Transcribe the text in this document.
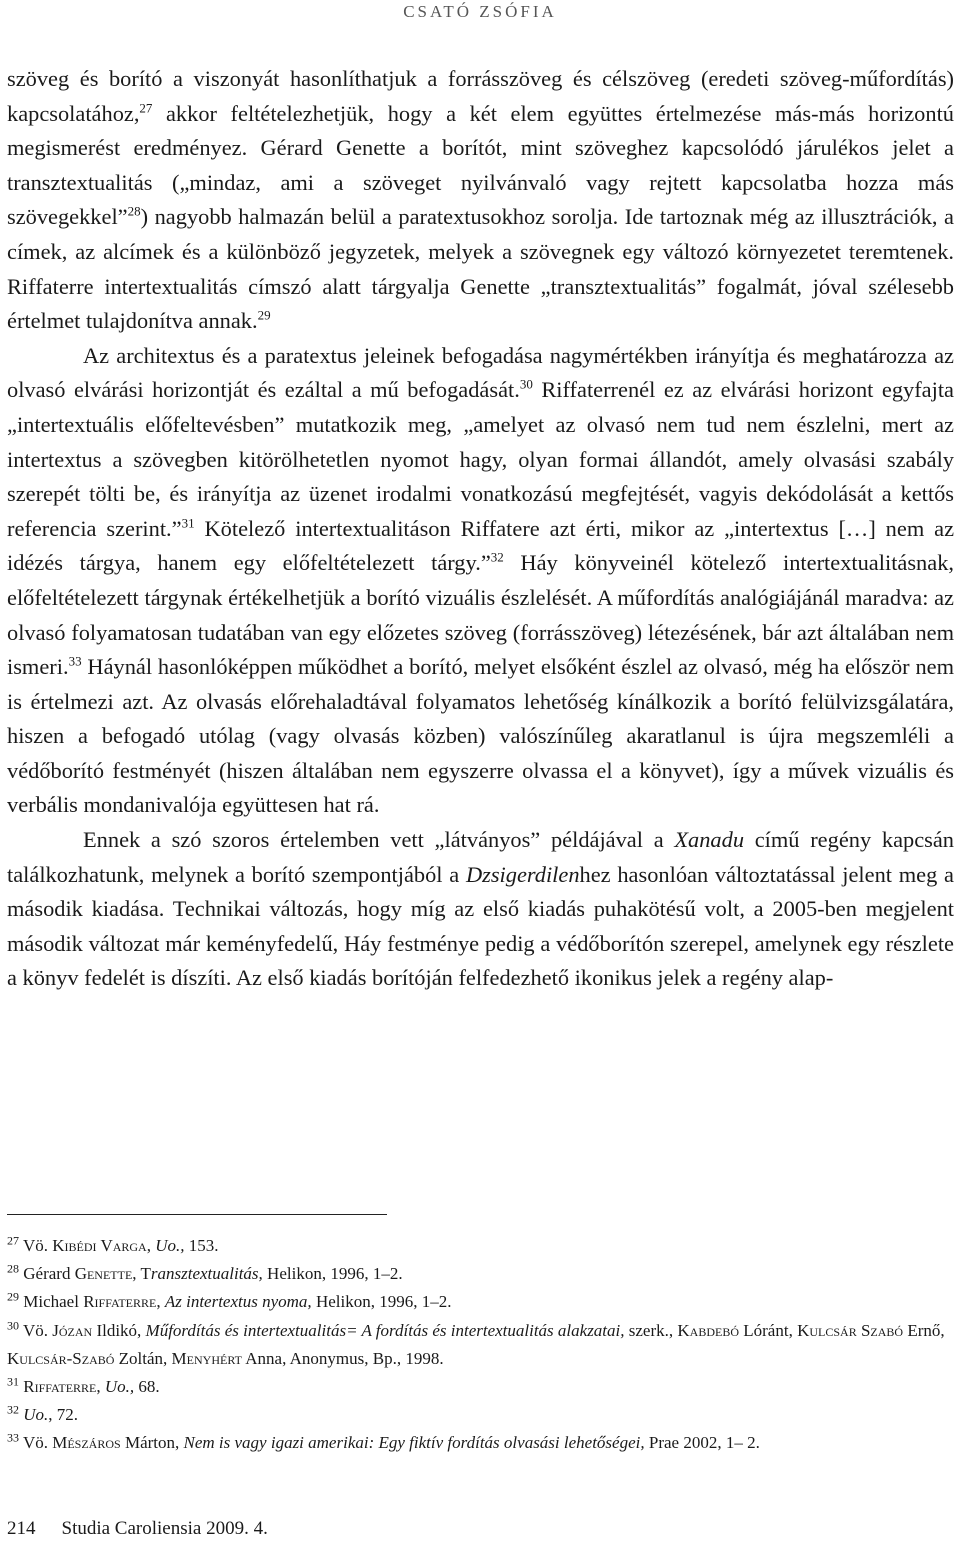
CSATÓ ZSÓFIA

szöveg és borító a viszonyát hasonlíthatjuk a forrásszöveg és célszöveg (eredeti szöveg-műfordítás) kapcsolatához,$^{27}$ akkor feltételezhetjük, hogy a két elem együttes értelmezése más-más horizontú megismerést eredményez. Gérard Genette a borítót, mint szöveghez kapcsolódó járulékos jelet a transztextualitás („mindaz, ami a szöveget nyilvánvaló vagy rejtett kapcsolatba hozza más szövegekkel”$^{28}$) nagyobb halmazán belül a paratextusokhoz sorolja. Ide tartoznak még az illusztrációk, a címek, az alcímek és a különböző jegyzetek, melyek a szövegnek egy változó környezetet teremtenek. Riffaterre intertextualitás címszó alatt tárgyalja Genette „transztextualitás” fogalmát, jóval szélesebb értelmet tulajdonítva annak.$^{29}$

Az architextus és a paratextus jeleinek befogadása nagymértékben irányítja és meghatározza az olvasó elvárási horizontját és ezáltal a mű befogadását.$^{30}$ Riffaterrenél ez az elvárási horizont egyfajta „intertextuális előfeltevésben” mutatkozik meg, „amelyet az olvasó nem tud nem észlelni, mert az intertextus a szövegben kitörölhetetlen nyomot hagy, olyan formai állandót, amely olvasási szabály szerepét tölti be, és irányítja az üzenet irodalmi vonatkozású megfejtését, vagyis dekódolását a kettős referencia szerint.”$^{31}$ Kötelező intertextualitáson Riffatere azt érti, mikor az „intertextus […] nem az idézés tárgya, hanem egy előfeltételezett tárgy.”$^{32}$ Háy könyveinél kötelező intertextualitásnak, előfeltételezett tárgynak értékelhetjük a borító vizuális észlelését. A műfordítás analógiájánál maradva: az olvasó folyamatosan tudatában van egy előzetes szöveg (forrásszöveg) létezésének, bár azt általában nem ismeri.$^{33}$ Háynál hasonlóképpen működhet a borító, melyet elsőként észlel az olvasó, még ha először nem is értelmezi azt. Az olvasás előrehaladtával folyamatos lehetőség kínálkozik a borító felülvizsgálatára, hiszen a befogadó utólag (vagy olvasás közben) valószínűleg akaratlanul is újra megszemléli a védőborító festményét (hiszen általában nem egyszerre olvassa el a könyvet), így a művek vizuális és verbális mondanivalója együttesen hat rá.

Ennek a szó szoros értelemben vett „látványos” példájával a Xanadu című regény kapcsán találkozhatunk, melynek a borító szempontjából a Dzsigerdilenhez hasonlóan változtatással jelent meg a második kiadása. Technikai változás, hogy míg az első kiadás puhakötésű volt, a 2005-ben megjelent második változat már keményfedelű, Háy festménye pedig a védőborítón szerepel, amelynek egy részlete a könyv fedelét is díszíti. Az első kiadás borítóján felfedezhető ikonikus jelek a regény alap-

$^{27}$ Vö. Kibédi Varga, Uo., 153.

$^{28}$ Gérard Genette, Transztextualitás, Helikon, 1996, 1–2.

$^{29}$ Michael Riffaterre, Az intertextus nyoma, Helikon, 1996, 1–2.

$^{30}$ Vö. Józan Ildikó, Műfordítás és intertextualitás= A fordítás és intertextualitás alakzatai, szerk., Kabdebó Lóránt, Kulcsár Szabó Ernő, Kulcsár-Szabó Zoltán, Menyhért Anna, Anonymus, Bp., 1998.

$^{31}$ Riffaterre, Uo., 68.

$^{32}$ Uo., 72.

$^{33}$ Vö. Mészáros Márton, Nem is vagy igazi amerikai: Egy fiktív fordítás olvasási lehetőségei, Prae 2002, 1– 2.

214 Studia Caroliensia 2009. 4.
